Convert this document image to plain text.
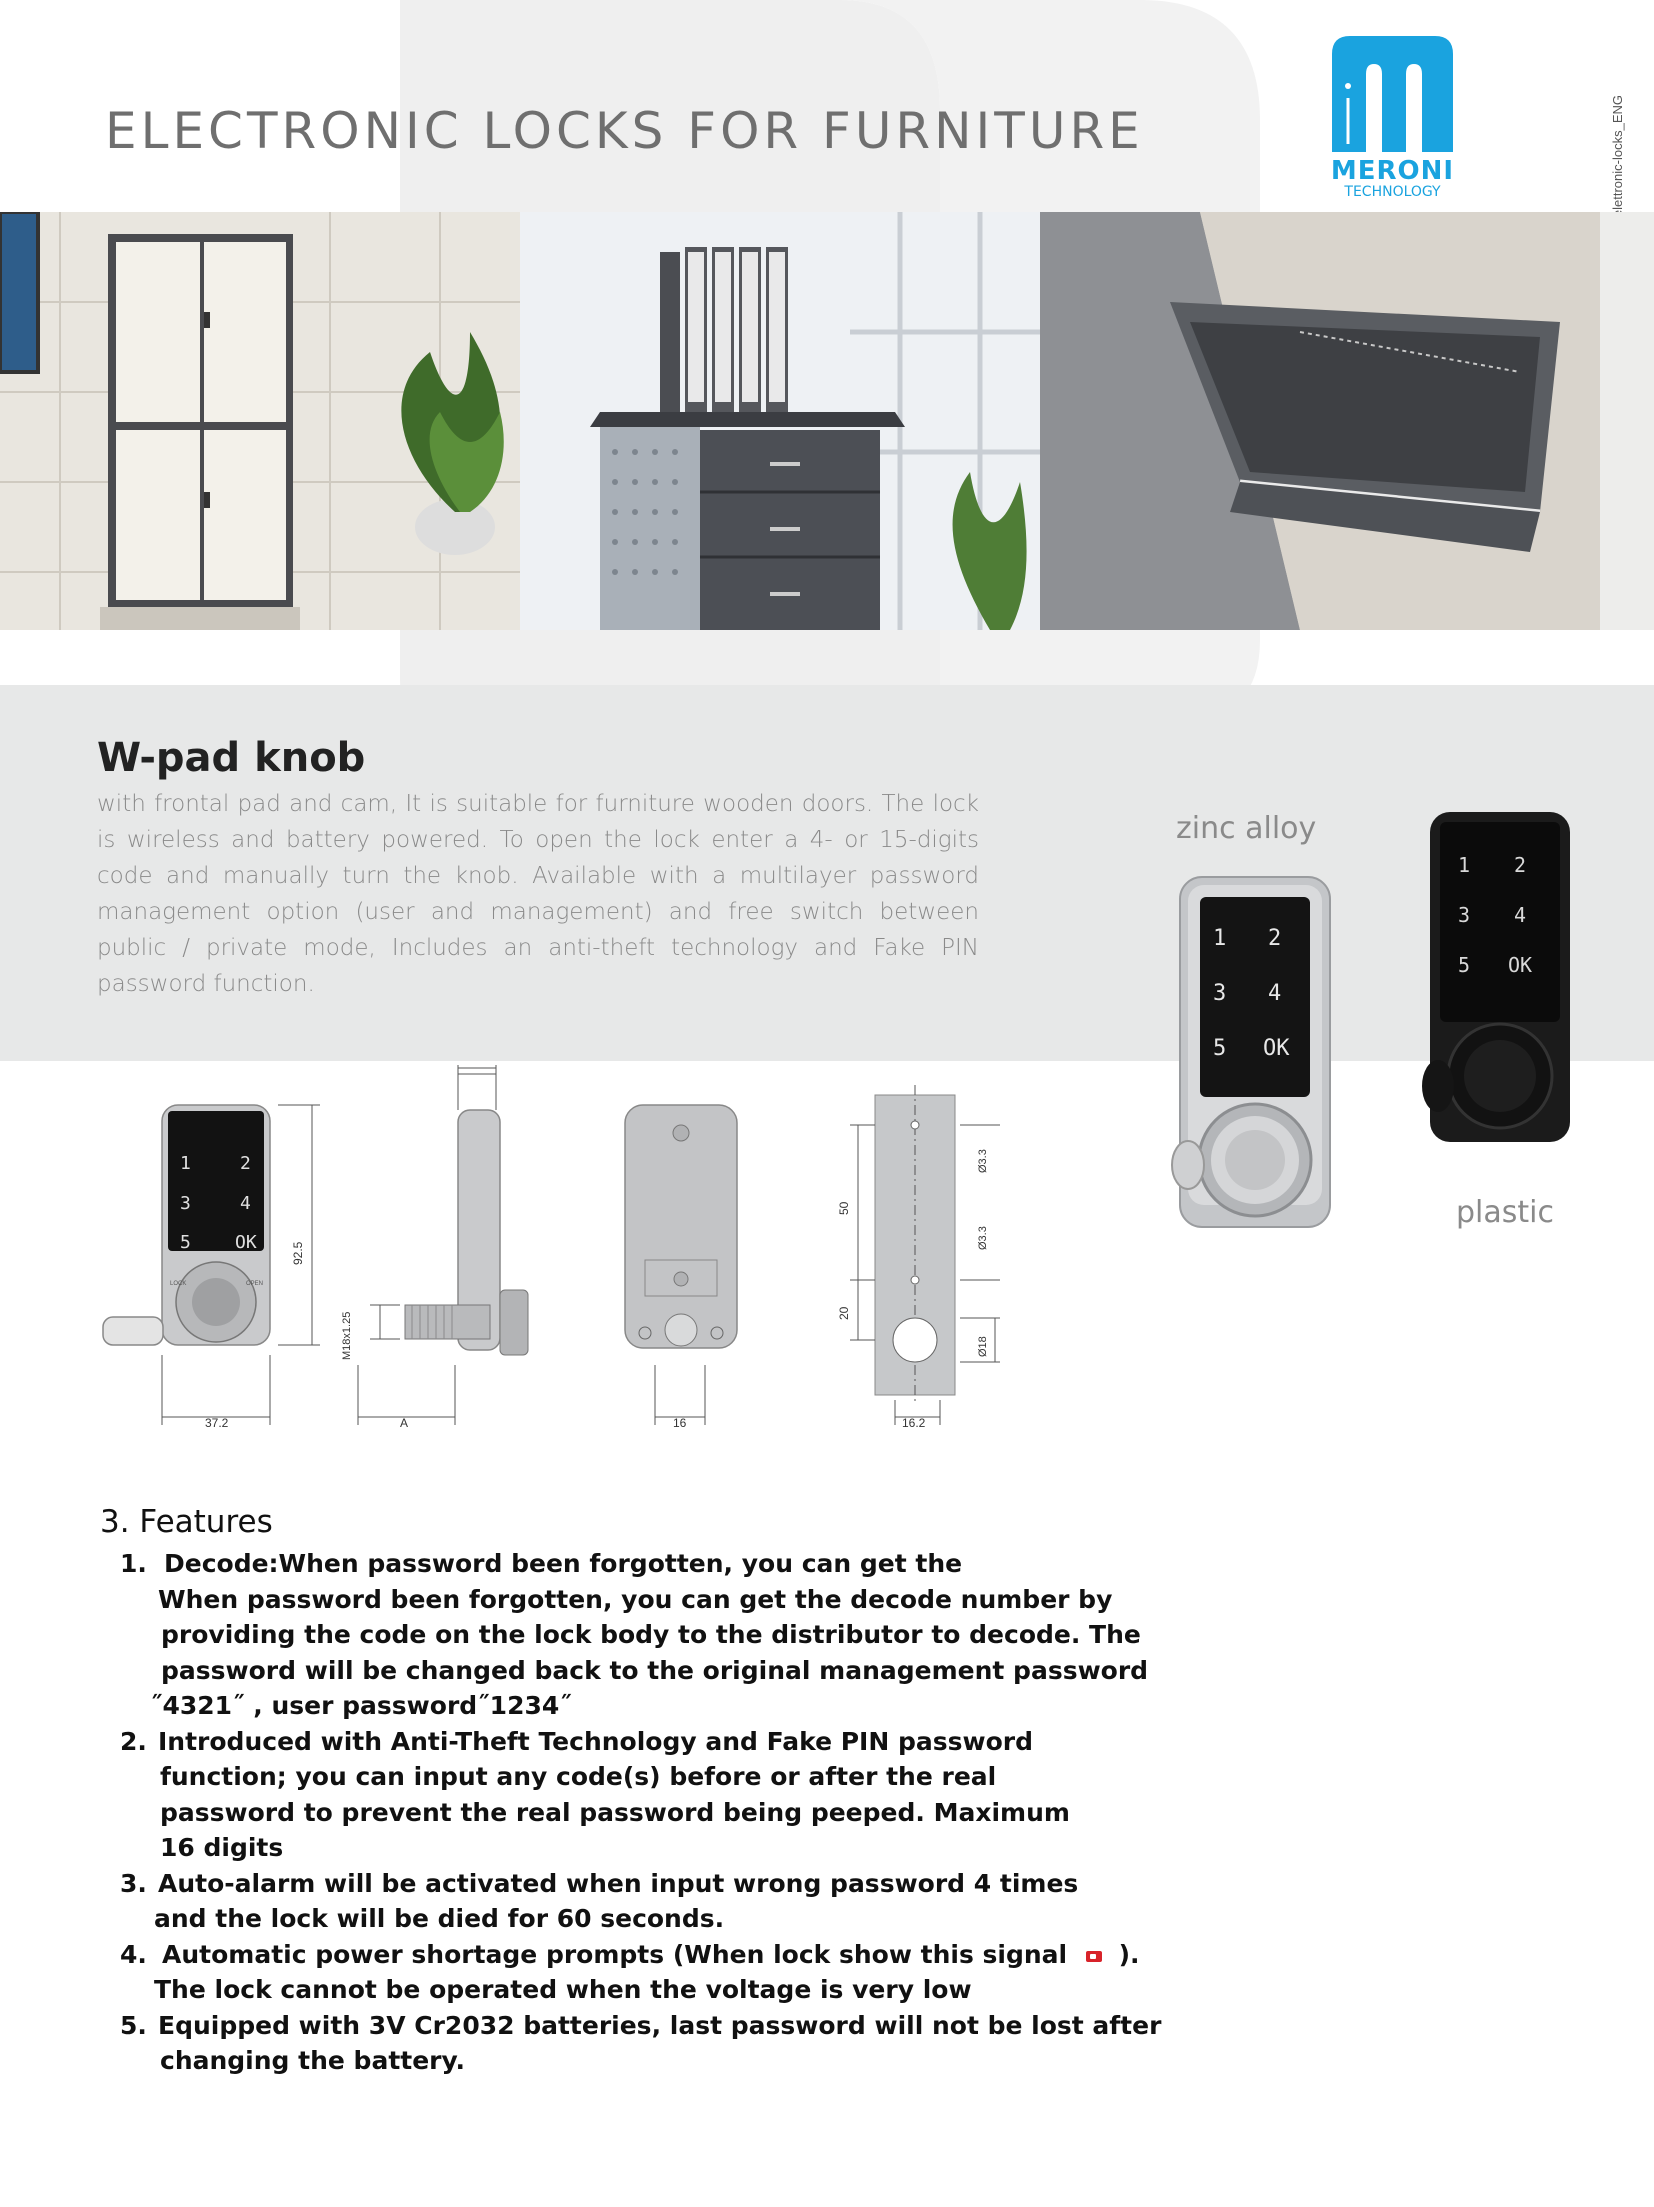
ELECTRONIC LOCKS FOR FURNITURE
MERONI
TECHNOLOGY
W-pad knob

with frontal pad and cam, It is suitable for furniture wooden doors. The lock is wireless and battery powered. To open the lock enter a 4- or 15-digits code and manually turn the knob. Available with a multilayer password management option (user and management) and free switch between public / private mode, Includes an anti-theft technology and Fake PIN password function.

zinc alloy
plastic
1 2
3 4
5 OK
1 2
3 4
5 OK
1	2
3	4
5 OK
LOCK	OPEN
37.2
92.5
M18x1.25
A	16
50
20
Ø3.3
Ø3.3
Ø18
16.2
3. Features
1. Decode:When password been forgotten, you can get the
When password been forgotten, you can get the decode number by
providing the code on the lock body to the distributor to decode. The
password will be changed back to the original management password
˝4321˝ , user password˝1234˝
2. Introduced with Anti-Theft Technology and Fake PIN password
function; you can input any code(s) before or after the real
password to prevent the real password being peeped. Maximum
16 digits
3. Auto-alarm will be activated when input wrong password 4 times
and the lock will be died for 60 seconds.
4. Automatic power shortage prompts (When lock show this signal ).
The lock cannot be operated when the voltage is very low
5. Equipped with 3V Cr2032 batteries, last password will not be lost after
changing the battery.
